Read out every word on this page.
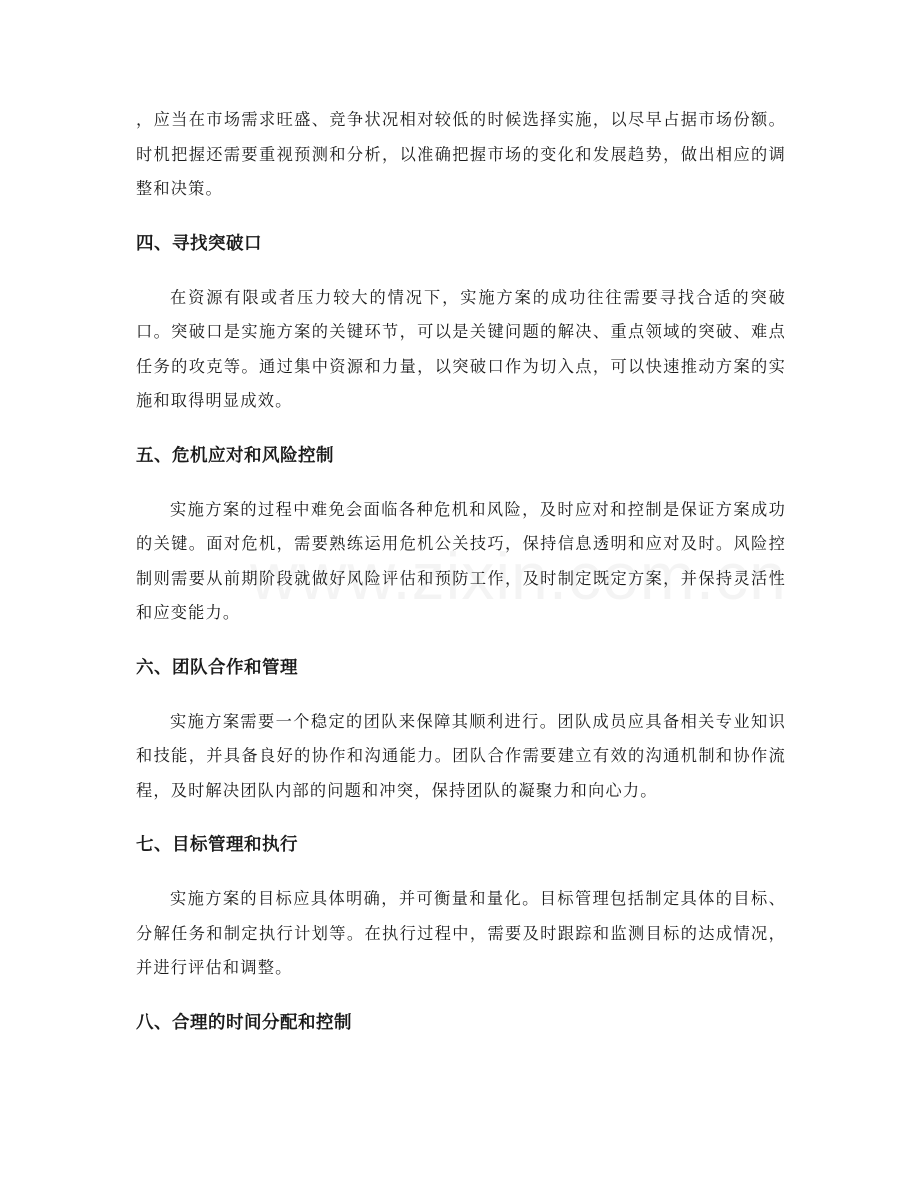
，应当在市场需求旺盛、竞争状况相对较低的时候选择实施，以尽早占据市场份额。时机把握还需要重视预测和分析，以准确把握市场的变化和发展趋势，做出相应的调整和决策。

四、寻找突破口

在资源有限或者压力较大的情况下，实施方案的成功往往需要寻找合适的突破口。突破口是实施方案的关键环节，可以是关键问题的解决、重点领域的突破、难点任务的攻克等。通过集中资源和力量，以突破口作为切入点，可以快速推动方案的实施和取得明显成效。

五、危机应对和风险控制

实施方案的过程中难免会面临各种危机和风险，及时应对和控制是保证方案成功的关键。面对危机，需要熟练运用危机公关技巧，保持信息透明和应对及时。风险控制则需要从前期阶段就做好风险评估和预防工作，及时制定既定方案，并保持灵活性和应变能力。

六、团队合作和管理

实施方案需要一个稳定的团队来保障其顺利进行。团队成员应具备相关专业知识和技能，并具备良好的协作和沟通能力。团队合作需要建立有效的沟通机制和协作流程，及时解决团队内部的问题和冲突，保持团队的凝聚力和向心力。

七、目标管理和执行

实施方案的目标应具体明确，并可衡量和量化。目标管理包括制定具体的目标、分解任务和制定执行计划等。在执行过程中，需要及时跟踪和监测目标的达成情况，并进行评估和调整。

八、合理的时间分配和控制
